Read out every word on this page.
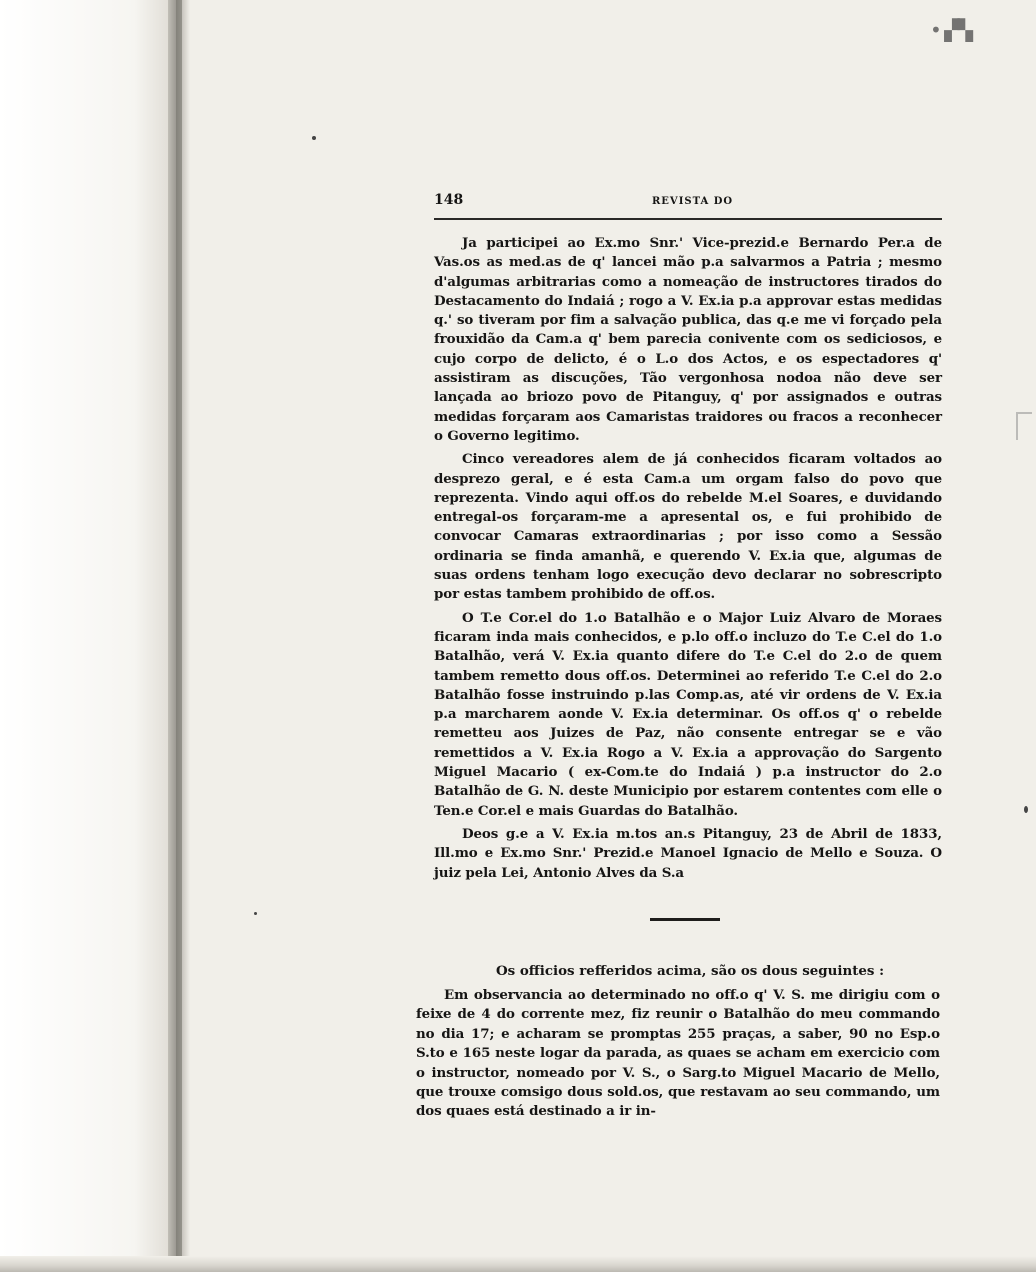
• ▞▚
148	REVISTA DO

Ja participei ao Ex.mo Snr.' Vice-prezid.e Bernardo Per.a de Vas.os as med.as de q' lancei mão p.a salvarmos a Patria ; mesmo d'algumas arbitrarias como a nomeação de instructores tirados do Destacamento do Indaiá ; rogo a V. Ex.ia p.a approvar estas medidas q.' so tiveram por fim a salvação publica, das q.e me vi forçado pela frouxidão da Cam.a q' bem parecia conivente com os sediciosos, e cujo corpo de delicto, é o L.o dos Actos, e os espectadores q' assistiram as discuções, Tão vergonhosa nodoa não deve ser lançada ao briozo povo de Pitanguy, q' por assignados e outras medidas forçaram aos Camaristas traidores ou fracos a reconhecer o Governo legitimo.

Cinco vereadores alem de já conhecidos ficaram voltados ao desprezo geral, e é esta Cam.a um orgam falso do povo que reprezenta. Vindo aqui off.os do rebelde M.el Soares, e duvidando entregal-os forçaram-me a apresental os, e fui prohibido de convocar Camaras extraordinarias ; por isso como a Sessão ordinaria se finda amanhã, e querendo V. Ex.ia que, algumas de suas ordens tenham logo execução devo declarar no sobrescripto por estas tambem prohibido de off.os.

O T.e Cor.el do 1.o Batalhão e o Major Luiz Alvaro de Moraes ficaram inda mais conhecidos, e p.lo off.o incluzo do T.e C.el do 1.o Batalhão, verá V. Ex.ia quanto difere do T.e C.el do 2.o de quem tambem remetto dous off.os. Determinei ao referido T.e C.el do 2.o Batalhão fosse instruindo p.las Comp.as, até vir ordens de V. Ex.ia p.a marcharem aonde V. Ex.ia determinar. Os off.os q' o rebelde remetteu aos Juizes de Paz, não consente entregar se e vão remettidos a V. Ex.ia Rogo a V. Ex.ia a approvação do Sargento Miguel Macario ( ex-Com.te do Indaiá ) p.a instructor do 2.o Batalhão de G. N. deste Municipio por estarem contentes com elle o Ten.e Cor.el e mais Guardas do Batalhão.

Deos g.e a V. Ex.ia m.tos an.s Pitanguy, 23 de Abril de 1833, Ill.mo e Ex.mo Snr.' Prezid.e Manoel Ignacio de Mello e Souza. O juiz pela Lei, Antonio Alves da S.a

Os officios refferidos acima, são os dous seguintes :

Em observancia ao determinado no off.o q' V. S. me dirigiu com o feixe de 4 do corrente mez, fiz reunir o Batalhão do meu commando no dia 17; e acharam se promptas 255 praças, a saber, 90 no Esp.o S.to e 165 neste logar da parada, as quaes se acham em exercicio com o instructor, nomeado por V. S., o Sarg.to Miguel Macario de Mello, que trouxe comsigo dous sold.os, que restavam ao seu commando, um dos quaes está destinado a ir in-
